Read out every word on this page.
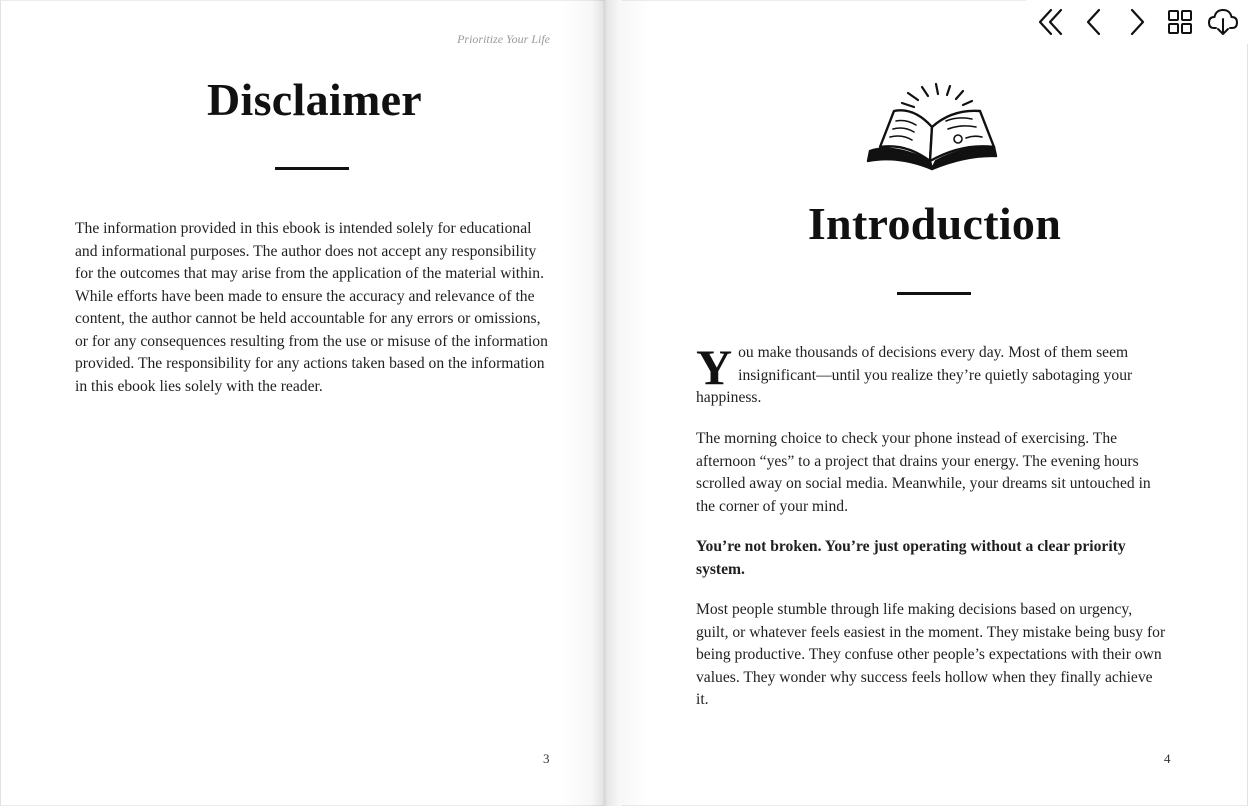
Prioritize Your Life
Disclaimer
The information provided in this ebook is intended solely for educational and informational purposes. The author does not accept any responsibility for the outcomes that may arise from the application of the material within. While efforts have been made to ensure the accuracy and relevance of the content, the author cannot be held accountable for any errors or omissions, or for any consequences resulting from the use or misuse of the information provided. The responsibility for any actions taken based on the information in this ebook lies solely with the reader.
3
Introduction
You make thousands of decisions every day. Most of them seem insignificant—until you realize they’re quietly sabotaging your happiness.
The morning choice to check your phone instead of exercising. The afternoon “yes” to a project that drains your energy. The evening hours scrolled away on social media. Meanwhile, your dreams sit untouched in the corner of your mind.
You’re not broken. You’re just operating without a clear priority system.
Most people stumble through life making decisions based on urgency, guilt, or whatever feels easiest in the moment. They mistake being busy for being productive. They confuse other people’s expectations with their own values. They wonder why success feels hollow when they finally achieve it.
4
